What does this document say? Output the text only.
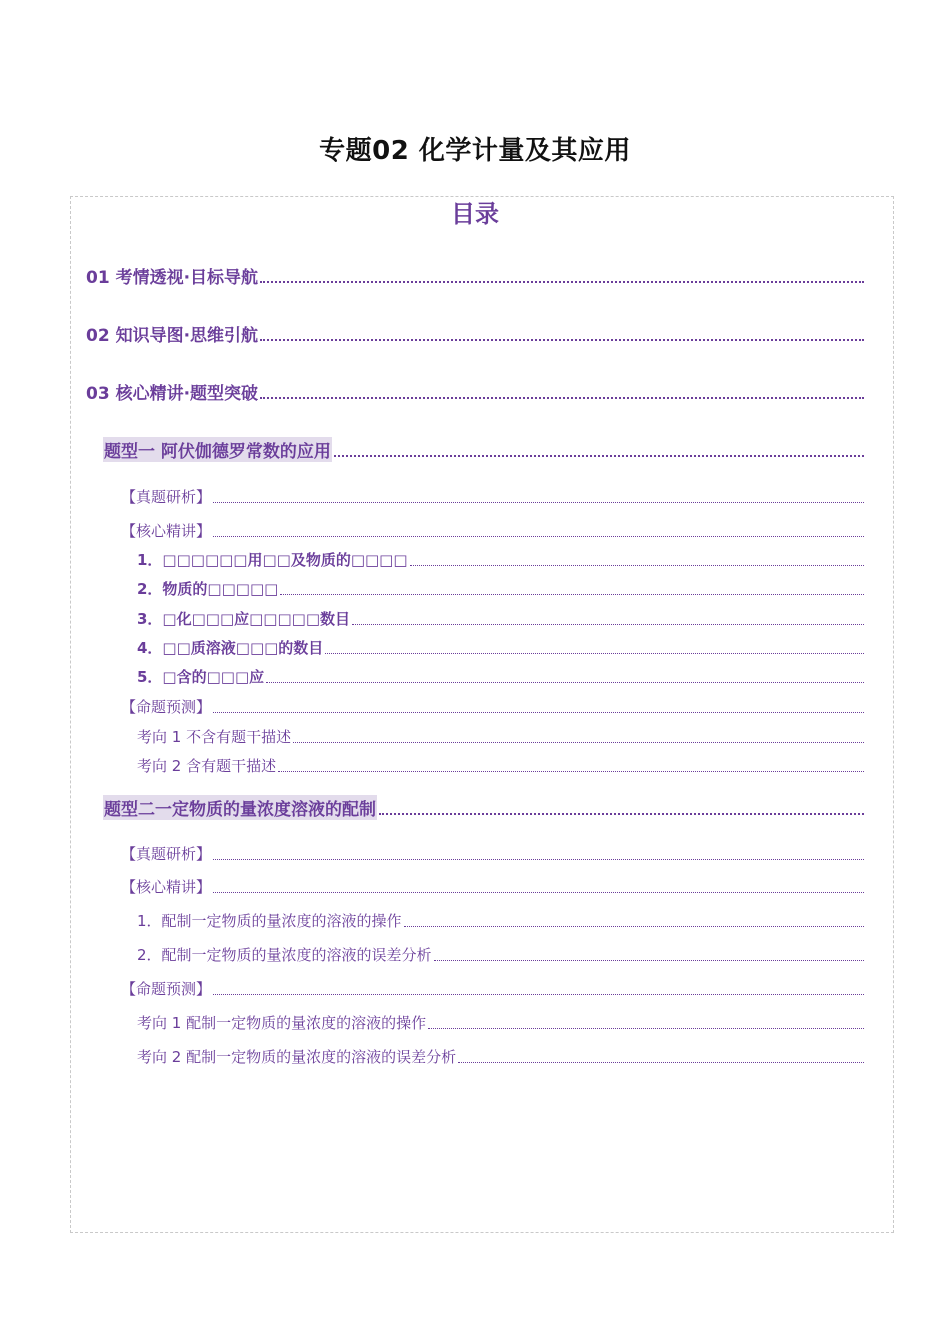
专题02 化学计量及其应用
目录
01 考情透视·目标导航
02 知识导图·思维引航
03 核心精讲·题型突破
题型一 阿伏伽德罗常数的应用
【真题研析】
【核心精讲】
1．□□□□□□用□□及物质的□□□□
2．物质的□□□□□
3．□化□□□应□□□□□数目
4．□□质溶液□□□的数目
5．□含的□□□应
【命题预测】
考向 1 不含有题干描述
考向 2 含有题干描述
题型二一定物质的量浓度溶液的配制
【真题研析】
【核心精讲】
1．配制一定物质的量浓度的溶液的操作
2．配制一定物质的量浓度的溶液的误差分析
【命题预测】
考向 1 配制一定物质的量浓度的溶液的操作
考向 2 配制一定物质的量浓度的溶液的误差分析
